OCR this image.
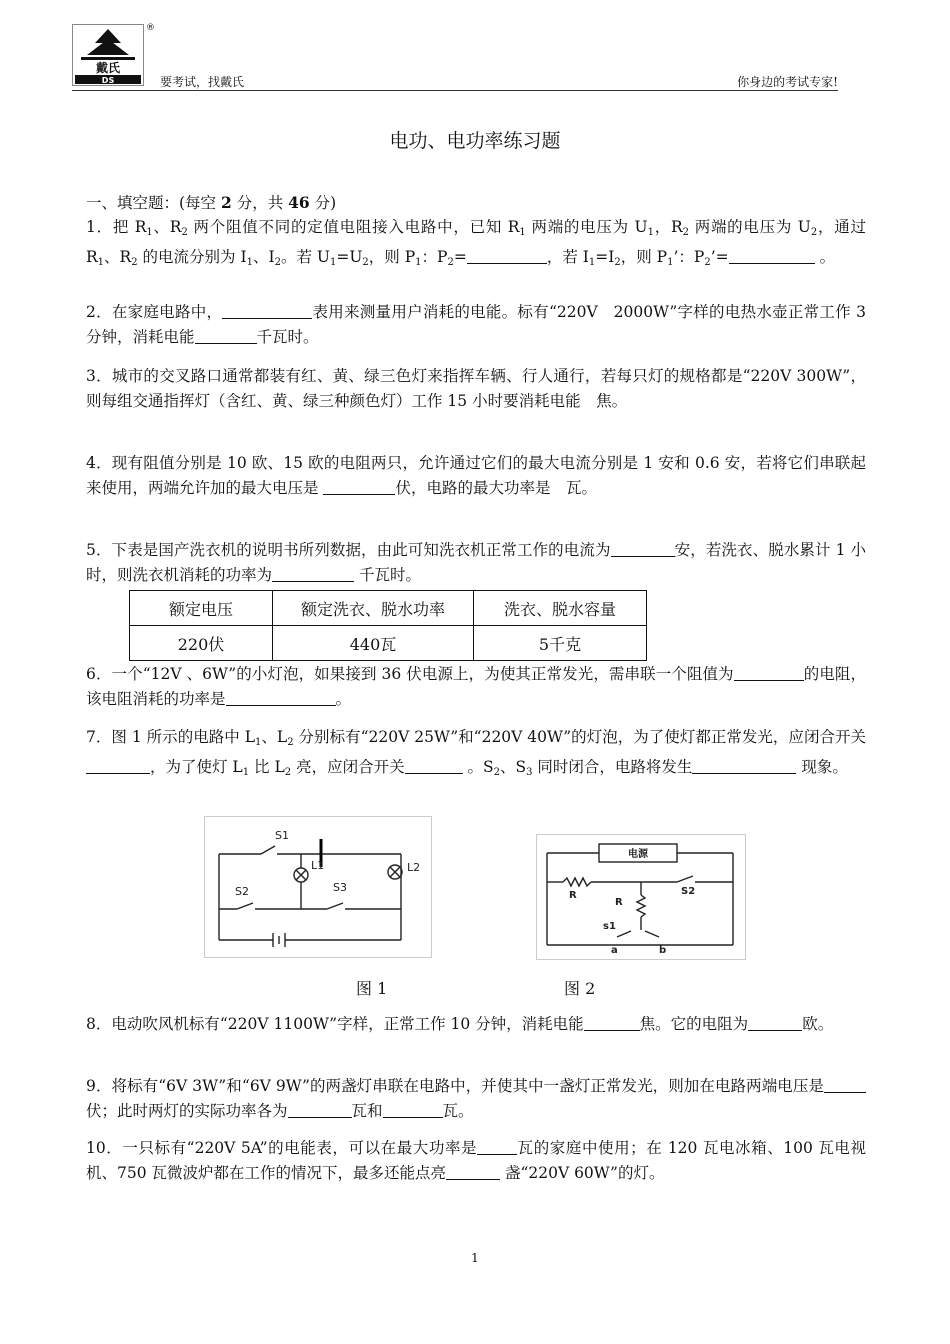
戴氏
DS
®
要考试，找戴氏	你身边的考试专家!
电功、电功率练习题
一、填空题：(每空 2 分，共 46 分)
1．把 $R_1$、$R_2$ 两个阻值不同的定值电阻接入电路中，已知 $R_1$ 两端的电压为 $U_1$，$R_2$ 两端的电压为 $U_2$，通过 $R_1$、$R_2$ 的电流分别为 $I_1$、$I_2$。若 $U_1=U_2$，则 $P_1$：$P_2=$	，若 $I_1=I_2$，则 $P_1$’：$P_2’=$	。
2．在家庭电路中，	表用来测量用户消耗的电能。标有“220V　2000W”字样的电热水壶正常工作 3 分钟，消耗电能	千瓦时。
3．城市的交叉路口通常都装有红、黄、绿三色灯来指挥车辆、行人通行，若每只灯的规格都是“220V 300W”，则每组交通指挥灯（含红、黄、绿三种颜色灯）工作 15 小时要消耗电能　焦。
4．现有阻值分别是 10 欧、15 欧的电阻两只，允许通过它们的最大电流分别是 1 安和 0.6 安，若将它们串联起来使用，两端允许加的最大电压是	伏，电路的最大功率是　瓦。
5．下表是国产洗衣机的说明书所列数据，由此可知洗衣机正常工作的电流为	安，若洗衣、脱水累计 1 小时，则洗衣机消耗的功率为	千瓦时。
额定电压	额定洗衣、脱水功率	洗衣、脱水容量
220伏	440瓦	5千克
6．一个“12V 、6W”的小灯泡，如果接到 36 伏电源上，为使其正常发光，需串联一个阻值为	的电阻，该电阻消耗的功率是	。
7．图 1 所示的电路中 $L_1$、$L_2$ 分别标有“220V 25W”和“220V 40W”的灯泡，为了使灯都正常发光，应闭合开关，为了使灯 $L_1$ 比 $L_2$ 亮，应闭合开关	。$S_2$、$S_3$ 同时闭合，电路将发生	现象。
S1
L1	L2
S2	S3
电源
R
R
S2
s1
a	b
图 1	图 2
8．电动吹风机标有“220V 1100W”字样，正常工作 10 分钟，消耗电能	焦。它的电阻为	欧。
9．将标有“6V 3W”和“6V 9W”的两盏灯串联在电路中，并使其中一盏灯正常发光，则加在电路两端电压是伏；此时两灯的实际功率各为	瓦和	瓦。
10．一只标有“220V 5A”的电能表，可以在最大功率是	瓦的家庭中使用；在 120 瓦电冰箱、100 瓦电视机、750 瓦微波炉都在工作的情况下，最多还能点亮	盏“220V 60W”的灯。
1
